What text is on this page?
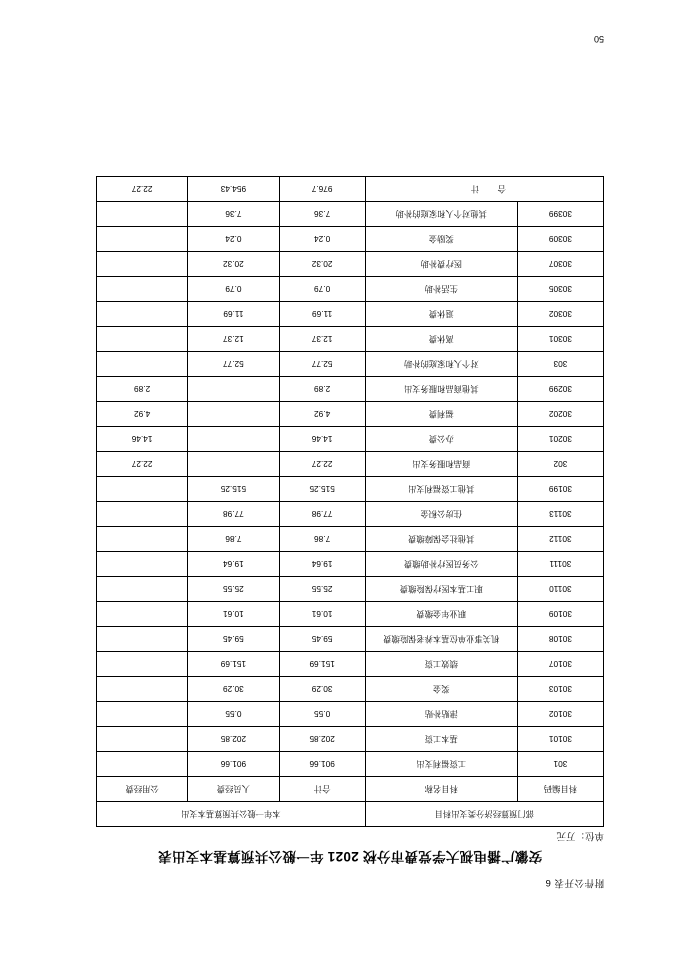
附件公开表 6
安徽广播电视大学党费市分校 2021 年一般公共预算基本支出表
单位：万元
部门预算经济分类支出科目		本年一般公共预算基本支出		
科目编码	科目名称	合计	人员经费	公用经费
301	工资福利支出	901.66	901.66	
30101	基本工资	202.85	202.85	
30102	津贴补贴	0.55	0.55	
30103	奖金	30.29	30.29	
30107	绩效工资	151.69	151.69	
30108	机关事业单位基本养老保险缴费	59.45	59.45	
30109	职业年金缴费	10.61	10.61	
30110	职工基本医疗保险缴费	25.55	25.55	
30111	公务员医疗补助缴费	19.64	19.64	
30112	其他社会保障缴费	7.86	7.86	
30113	住房公积金	77.98	77.98	
30199	其他工资福利支出	515.25	515.25	
302	商品和服务支出	22.27		22.27
30201	办公费	14.46		14.46
30202	福利费	4.92		4.92
30299	其他商品和服务支出	2.89		2.89
303	对个人和家庭的补助	52.77	52.77	
30301	离休费	12.37	12.37	
30302	退休费	11.69	11.69	
30305	生活补助	0.79	0.79	
30307	医疗费补助	20.32	20.32	
30309	奖励金	0.24	0.24	
30399	其他对个人和家庭的补助	7.36	7.36	
合 计		976.7	954.43	22.27
50
